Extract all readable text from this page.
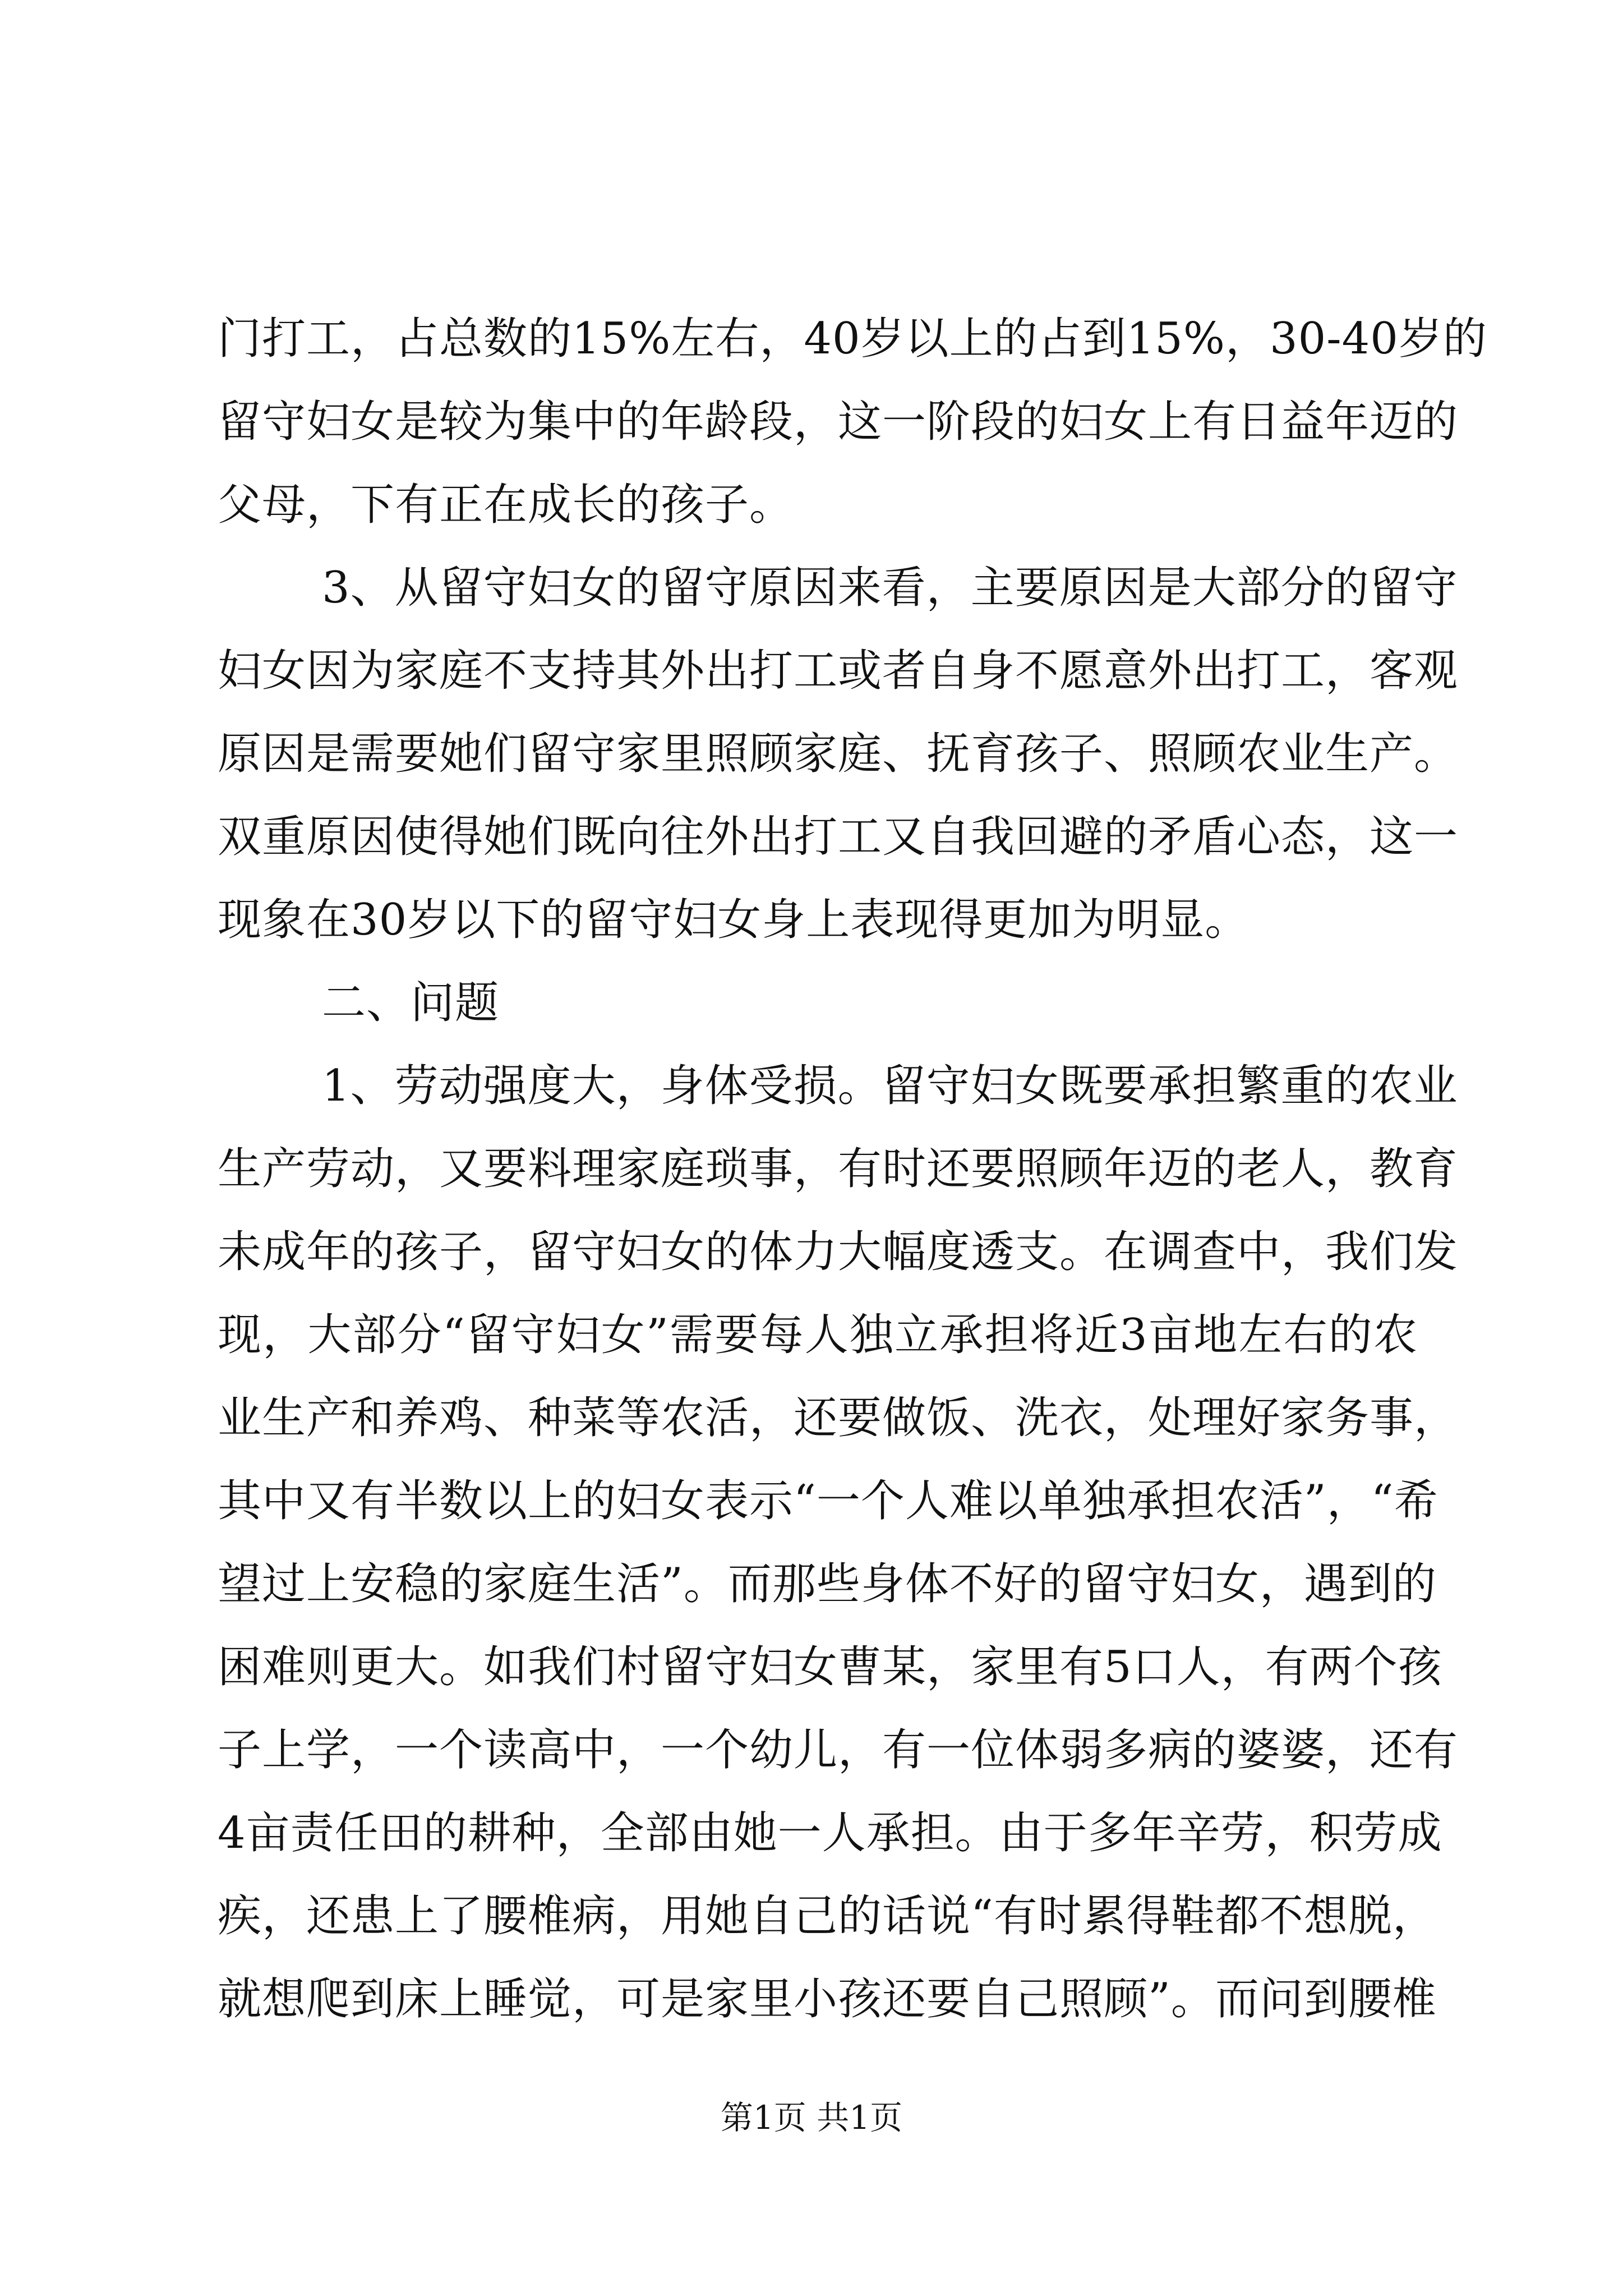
门打工，占总数的15%左右，40岁以上的占到15%，30-40岁的
留守妇女是较为集中的年龄段，这一阶段的妇女上有日益年迈的
父母，下有正在成长的孩子。
3、从留守妇女的留守原因来看，主要原因是大部分的留守
妇女因为家庭不支持其外出打工或者自身不愿意外出打工，客观
原因是需要她们留守家里照顾家庭、抚育孩子、照顾农业生产。
双重原因使得她们既向往外出打工又自我回避的矛盾心态，这一
现象在30岁以下的留守妇女身上表现得更加为明显。
二、问题
1、劳动强度大，身体受损。留守妇女既要承担繁重的农业
生产劳动，又要料理家庭琐事，有时还要照顾年迈的老人，教育
未成年的孩子，留守妇女的体力大幅度透支。在调查中，我们发
现，大部分“留守妇女”需要每人独立承担将近3亩地左右的农
业生产和养鸡、种菜等农活，还要做饭、洗衣，处理好家务事，
其中又有半数以上的妇女表示“一个人难以单独承担农活”，“希
望过上安稳的家庭生活”。而那些身体不好的留守妇女，遇到的
困难则更大。如我们村留守妇女曹某，家里有5口人，有两个孩
子上学，一个读高中，一个幼儿，有一位体弱多病的婆婆，还有
4亩责任田的耕种，全部由她一人承担。由于多年辛劳，积劳成
疾，还患上了腰椎病，用她自己的话说“有时累得鞋都不想脱，
就想爬到床上睡觉，可是家里小孩还要自己照顾”。而问到腰椎
第1页 共1页
